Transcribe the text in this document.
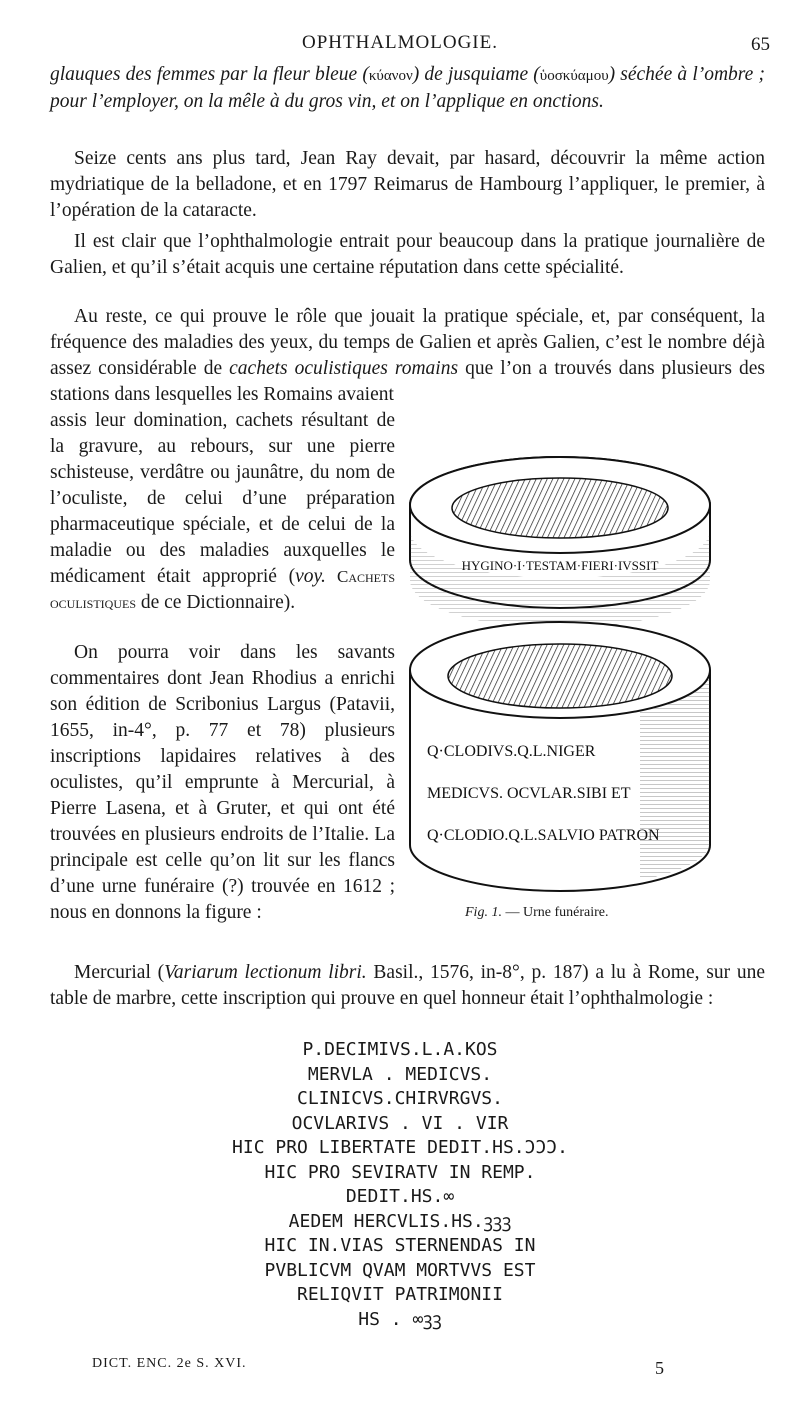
OPHTHALMOLOGIE.	65

glauques des femmes par la fleur bleue (κύανον) de jusquiame (ὑοσκύαμου) séchée à l’ombre ; pour l’employer, on la mêle à du gros vin, et on l’applique en onctions.

Seize cents ans plus tard, Jean Ray devait, par hasard, découvrir la même action mydriatique de la belladone, et en 1797 Reimarus de Hambourg l’appliquer, le premier, à l’opération de la cataracte.

Il est clair que l’ophthalmologie entrait pour beaucoup dans la pratique journalière de Galien, et qu’il s’était acquis une certaine réputation dans cette spécialité.

Au reste, ce qui prouve le rôle que jouait la pratique spéciale, et, par conséquent, la fréquence des maladies des yeux, du temps de Galien et après Galien, c’est le nombre déjà assez considérable de cachets oculistiques romains que l’on a trouvés dans plusieurs des stations dans lesquelles les Romains avaient

assis leur domination, cachets résultant de la gravure, au rebours, sur une pierre schisteuse, verdâtre ou jaunâtre, du nom de l’oculiste, de celui d’une préparation pharmaceutique spéciale, et de celui de la maladie ou des maladies auxquelles le médicament était approprié (voy. Cachets oculistiques de ce Dictionnaire).

On pourra voir dans les savants commentaires dont Jean Rhodius a enrichi son édition de Scribonius Largus (Patavii, 1655, in-4°, p. 77 et 78) plusieurs inscriptions lapidaires relatives à des oculistes, qu’il emprunte à Mercurial, à Pierre Lasena, et à Gruter, et qui ont été trouvées en plusieurs endroits de l’Italie. La principale est celle qu’on lit sur les flancs d’une urne funéraire (?) trouvée en 1612 ; nous en donnons la figure :

Mercurial (Variarum lectionum libri. Basil., 1576, in-8°, p. 187) a lu à Rome, sur une table de marbre, cette inscription qui prouve en quel honneur était l’ophthalmologie :

HYGINO·I·TESTAM·FIERI·IVSSIT
Q·CLODIVS.Q.L.NIGER
MEDICVS. OCVLAR.SIBI ET
Q·CLODIO.Q.L.SALVIO PATRON
Fig. 1. — Urne funéraire.
P.DECIMIVS.L.A.KOS
MERVLA . MEDICVS.
CLINICVS.CHIRVRGVS.
OCVLARIVS . VI . VIR
HIC PRO LIBERTATE DEDIT.HS.ƆƆƆ.
HIC PRO SEVIRATV IN REMP.
DEDIT.HS.∞
AEDEM HERCVLIS.HS.ꝫꝫꝫ
HIC IN.VIAS STERNENDAS IN
PVBLICVM QVAM MORTVVS EST
RELIQVIT PATRIMONII
HS . ∞ꝫꝫ
DICT. ENC. 2e S. XVI.	5
